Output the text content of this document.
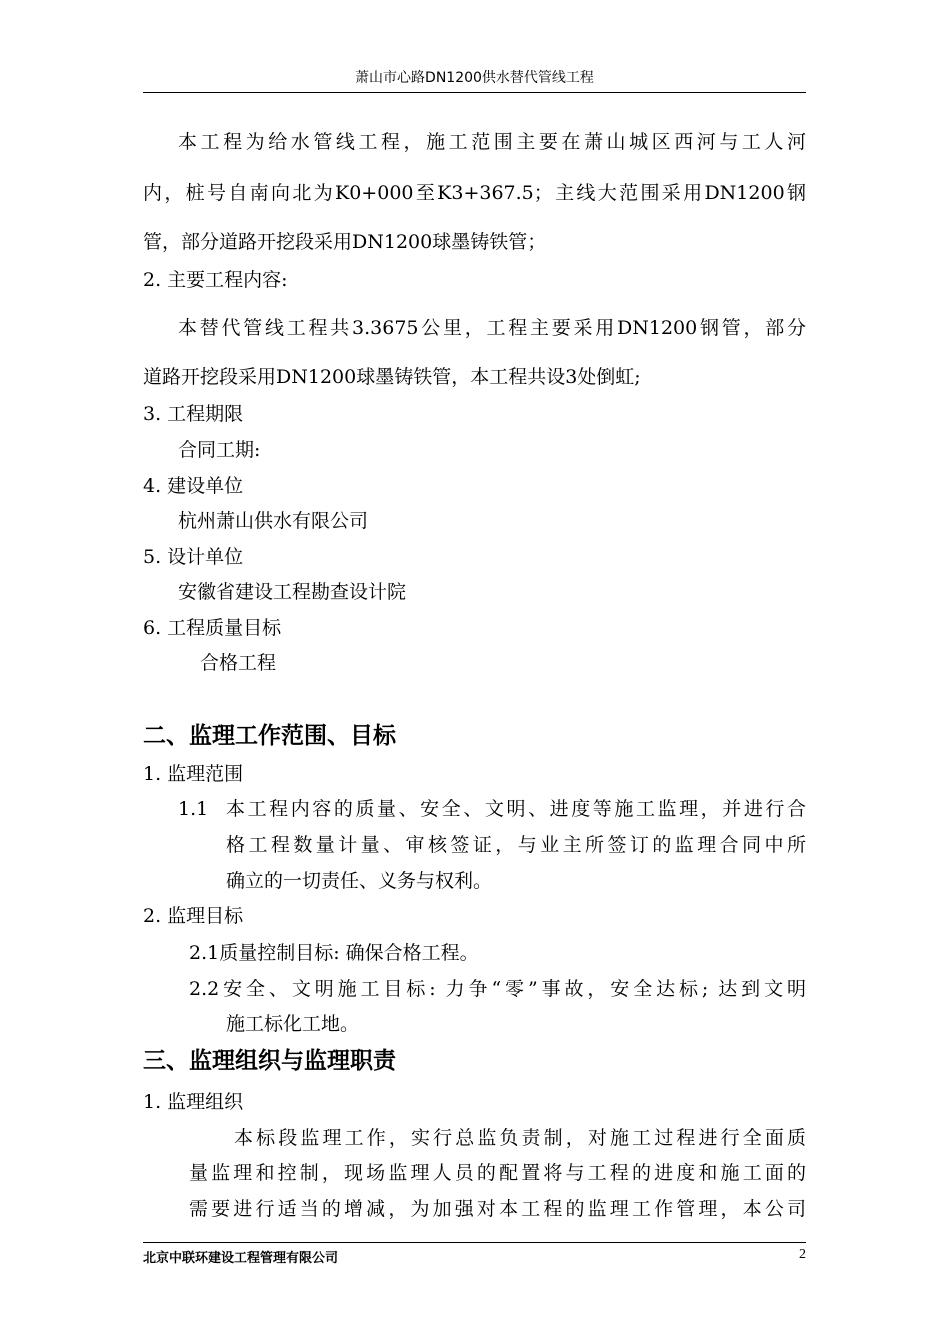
萧山市心路DN1200供水替代管线工程
本工程为给水管线工程，施工范围主要在萧山城区西河与工人河
内，桩号自南向北为K0+000至K3+367.5；主线大范围采用DN1200钢
管，部分道路开挖段采用DN1200球墨铸铁管；
2. 主要工程内容:
本替代管线工程共3.3675公里，工程主要采用DN1200钢管，部分
道路开挖段采用DN1200球墨铸铁管，本工程共设3处倒虹;
3. 工程期限
合同工期:
4. 建设单位
杭州萧山供水有限公司
5. 设计单位
安徽省建设工程勘查设计院
6. 工程质量目标
合格工程
二、监理工作范围、目标
1. 监理范围
1.1 本工程内容的质量、安全、文明、进度等施工监理，并进行合
格工程数量计量、审核签证，与业主所签订的监理合同中所
确立的一切责任、义务与权利。
2. 监理目标
2.1质量控制目标: 确保合格工程。
2.2安全、文明施工目标: 力争“零”事故，安全达标; 达到文明
施工标化工地。
三、监理组织与监理职责
1. 监理组织
本标段监理工作，实行总监负责制，对施工过程进行全面质
量监理和控制，现场监理人员的配置将与工程的进度和施工面的
需要进行适当的增减，为加强对本工程的监理工作管理，本公司
北京中联环建设工程管理有限公司	2
